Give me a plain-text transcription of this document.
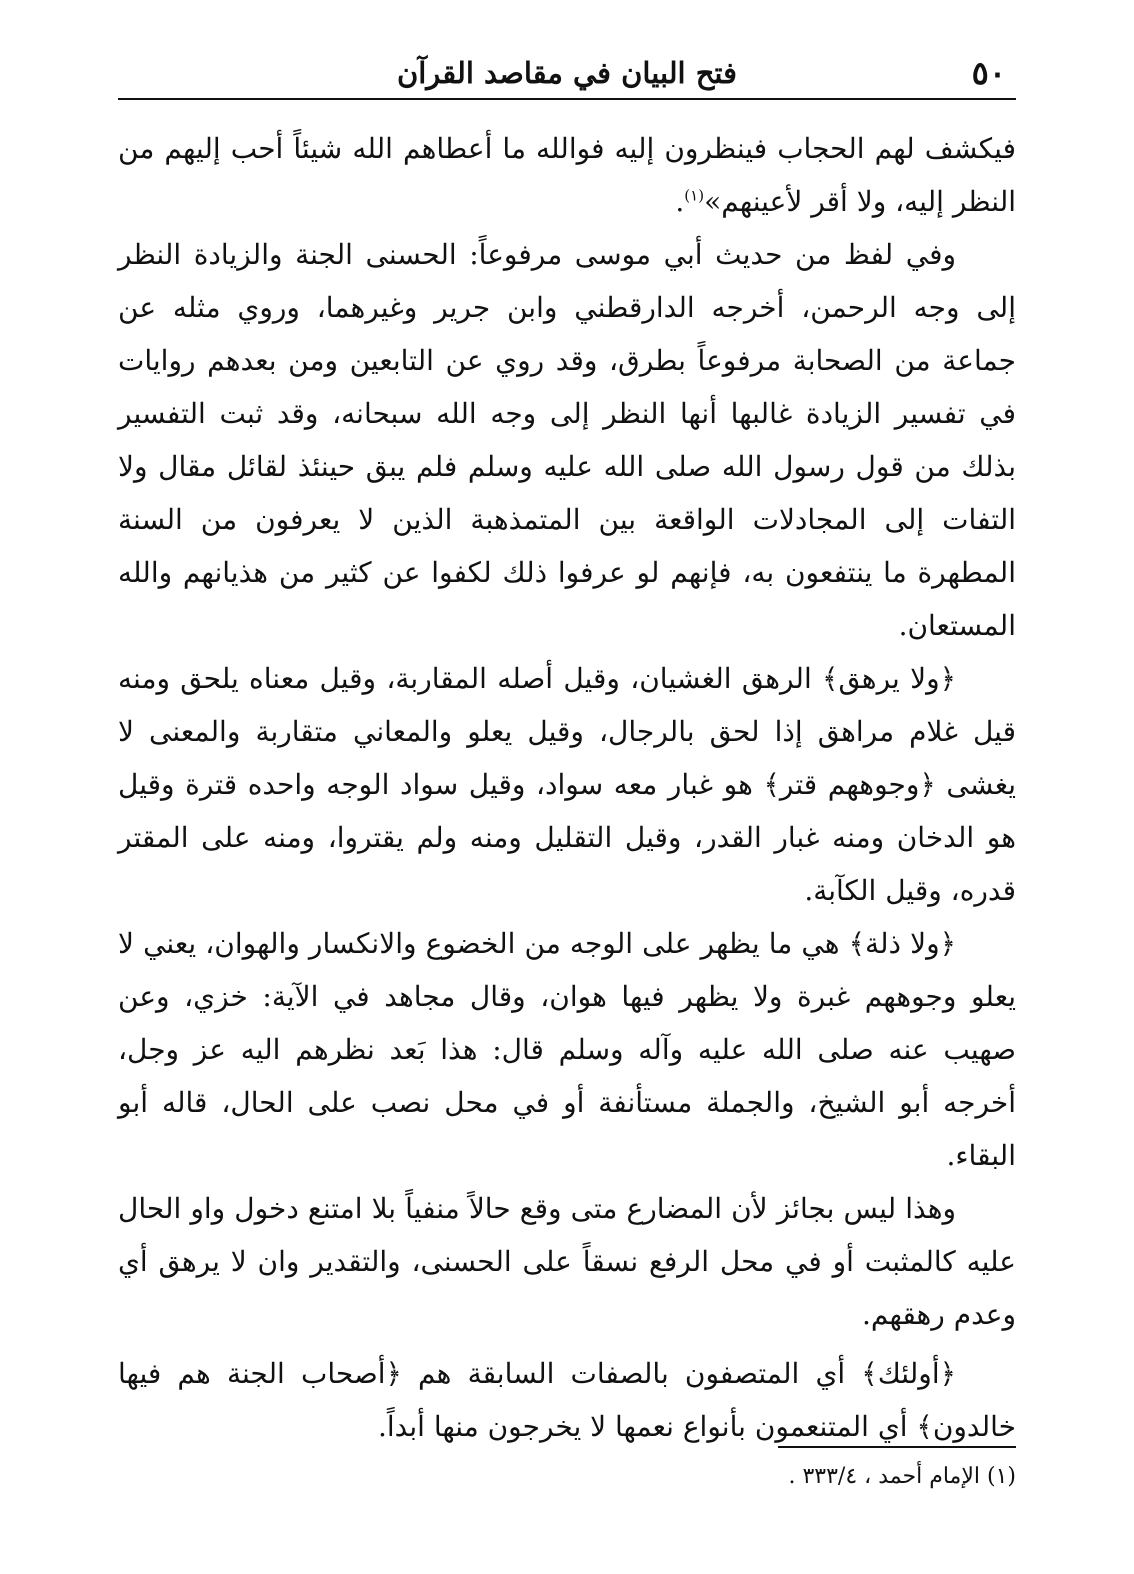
٥٠
فتح البيان في مقاصد القرآن

فيكشف لهم الحجاب فينظرون إليه فوالله ما أعطاهم الله شيئاً أحب إليهم من النظر إليه، ولا أقر لأعينهم»$^{(١)}$.

وفي لفظ من حديث أبي موسى مرفوعاً: الحسنى الجنة والزيادة النظر إلى وجه الرحمن، أخرجه الدارقطني وابن جرير وغيرهما، وروي مثله عن جماعة من الصحابة مرفوعاً بطرق، وقد روي عن التابعين ومن بعدهم روايات في تفسير الزيادة غالبها أنها النظر إلى وجه الله سبحانه، وقد ثبت التفسير بذلك من قول رسول الله صلى الله عليه وسلم فلم يبق حينئذ لقائل مقال ولا التفات إلى المجادلات الواقعة بين المتمذهبة الذين لا يعرفون من السنة المطهرة ما ينتفعون به، فإنهم لو عرفوا ذلك لكفوا عن كثير من هذيانهم والله المستعان.

﴿ولا يرهق﴾ الرهق الغشيان، وقيل أصله المقاربة، وقيل معناه يلحق ومنه قيل غلام مراهق إذا لحق بالرجال، وقيل يعلو والمعاني متقاربة والمعنى لا يغشى ﴿وجوههم قتر﴾ هو غبار معه سواد، وقيل سواد الوجه واحده قترة وقيل هو الدخان ومنه غبار القدر، وقيل التقليل ومنه ولم يقتروا، ومنه على المقتر قدره، وقيل الكآبة.

﴿ولا ذلة﴾ هي ما يظهر على الوجه من الخضوع والانكسار والهوان، يعني لا يعلو وجوههم غبرة ولا يظهر فيها هوان، وقال مجاهد في الآية: خزي، وعن صهيب عنه صلى الله عليه وآله وسلم قال: هذا بَعد نظرهم اليه عز وجل، أخرجه أبو الشيخ، والجملة مستأنفة أو في محل نصب على الحال، قاله أبو البقاء.

وهذا ليس بجائز لأن المضارع متى وقع حالاً منفياً بلا امتنع دخول واو الحال عليه كالمثبت أو في محل الرفع نسقاً على الحسنى، والتقدير وان لا يرهق أي وعدم رهقهم.

﴿أولئك﴾ أي المتصفون بالصفات السابقة هم ﴿أصحاب الجنة هم فيها خالدون﴾ أي المتنعمون بأنواع نعمها لا يخرجون منها أبداً.

(١) الإمام أحمد ، ٣٣٣/٤ .
